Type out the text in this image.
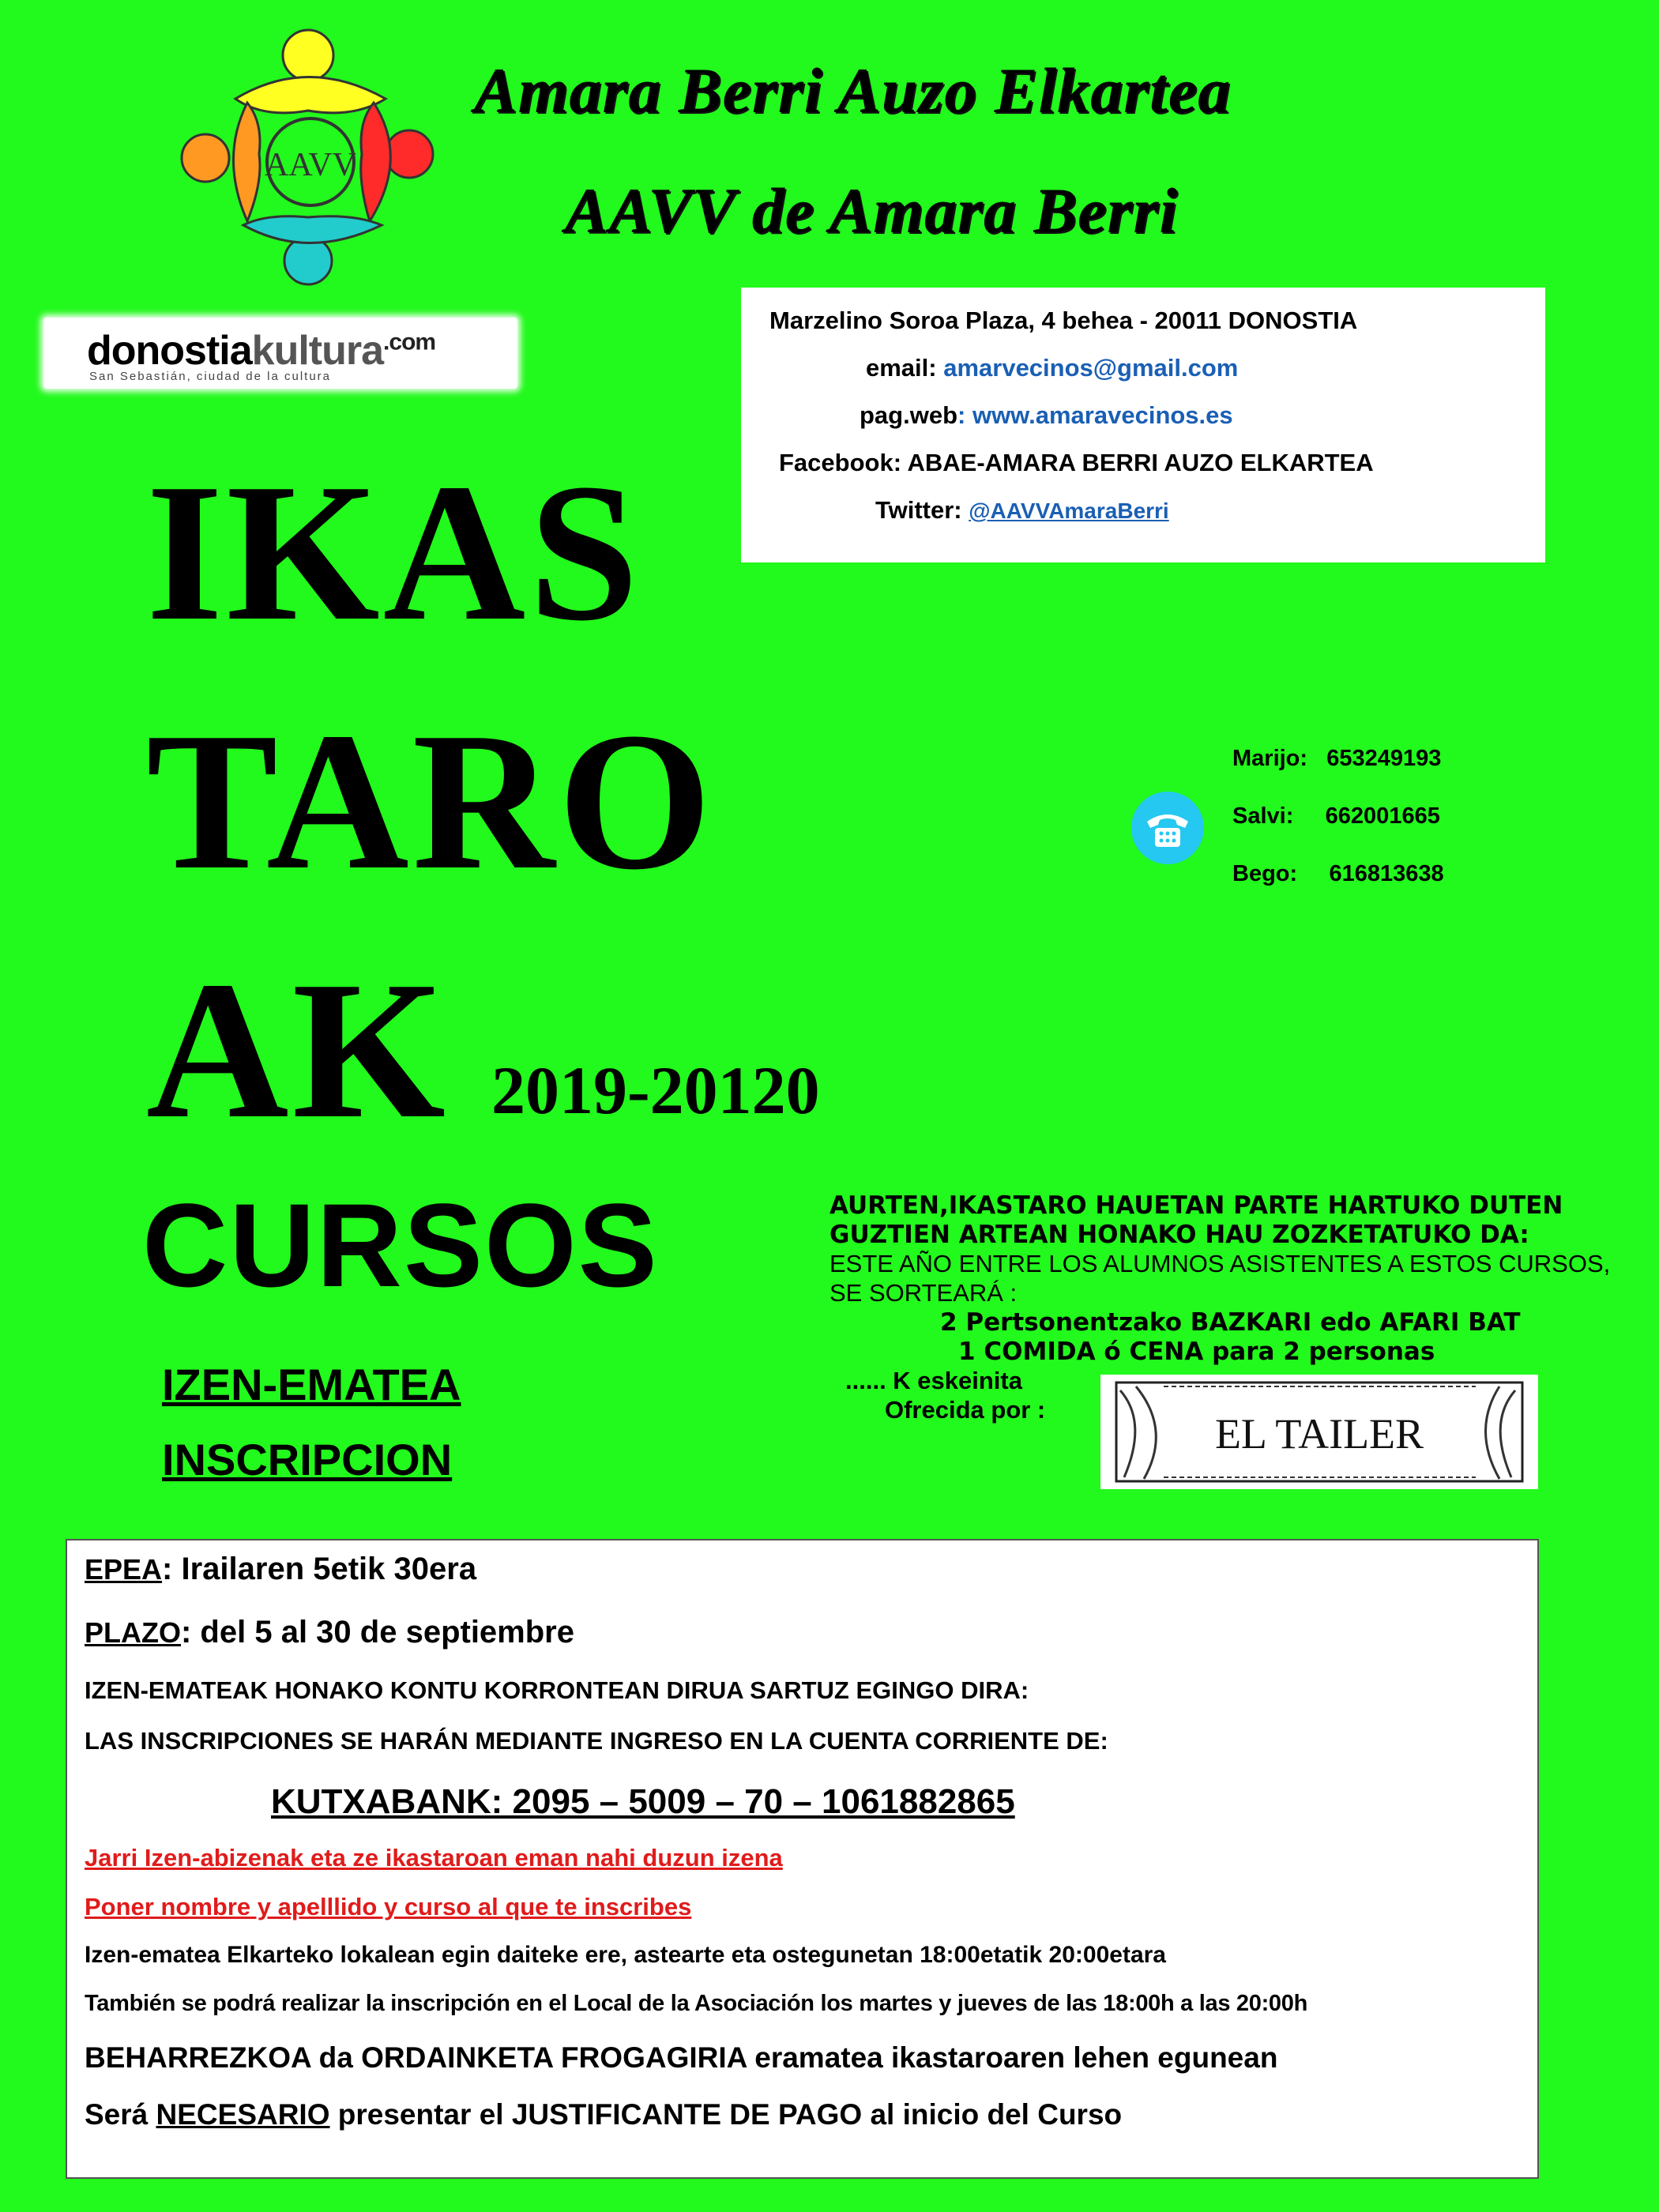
AAVV
Amara Berri Auzo Elkartea
AAVV de Amara Berri
donostiakultura$^{.com}$
San Sebastián, ciudad de la cultura
Marzelino Soroa Plaza, 4 behea - 20011 DONOSTIA
email: amarvecinos@gmail.com
pag.web: www.amaravecinos.es
Facebook: ABAE-AMARA BERRI AUZO ELKARTEA
Twitter: @AAVVAmaraBerri
IKAS
TARO
AK 2019-20120
CURSOS
IZEN-EMATEA
INSCRIPCION
Marijo: 653249193
Salvi: 662001665
Bego: 616813638
AURTEN,IKASTARO HAUETAN PARTE HARTUKO DUTEN
GUZTIEN ARTEAN HONAKO HAU ZOZKETATUKO DA:
ESTE AÑO ENTRE LOS ALUMNOS ASISTENTES A ESTOS CURSOS,
SE SORTEARÁ :
2 Pertsonentzako BAZKARI edo AFARI BAT
1 COMIDA ó CENA para 2 personas
...... K eskeinita
Ofrecida por :
EL TAILER
EPEA: Irailaren 5etik 30era
PLAZO: del 5 al 30 de septiembre
IZEN-EMATEAK HONAKO KONTU KORRONTEAN DIRUA SARTUZ EGINGO DIRA:
LAS INSCRIPCIONES SE HARÁN MEDIANTE INGRESO EN LA CUENTA CORRIENTE DE:
KUTXABANK: 2095 – 5009 – 70 – 1061882865
Jarri Izen-abizenak eta ze ikastaroan eman nahi duzun izena
Poner nombre y apelllido y curso al que te inscribes
Izen-ematea Elkarteko lokalean egin daiteke ere, astearte eta ostegunetan 18:00etatik 20:00etara
También se podrá realizar la inscripción en el Local de la Asociación los martes y jueves de las 18:00h a las 20:00h
BEHARREZKOA da ORDAINKETA FROGAGIRIA eramatea ikastaroaren lehen egunean
Será NECESARIO presentar el JUSTIFICANTE DE PAGO al inicio del Curso
